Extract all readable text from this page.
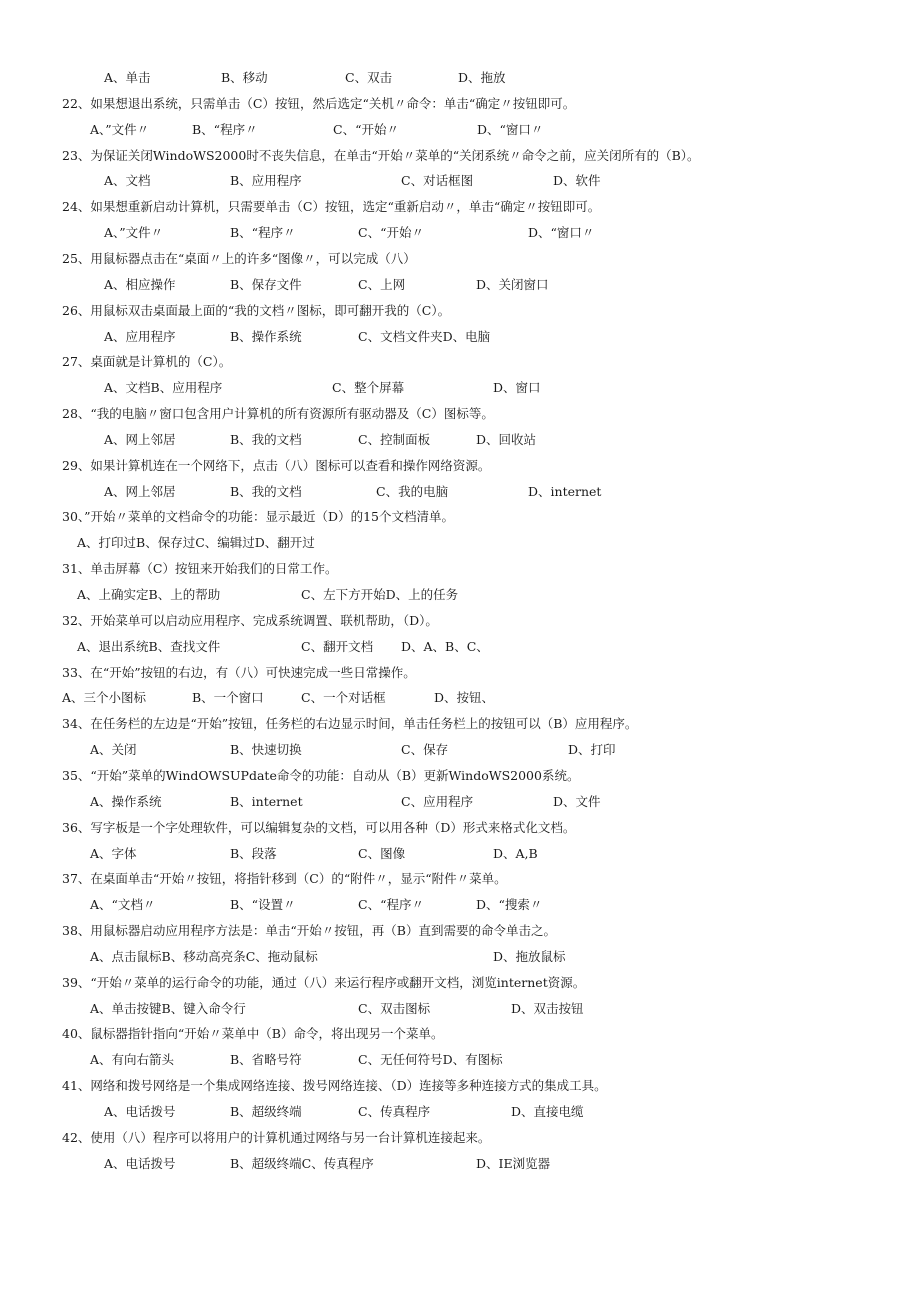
A、单击	B、移动	C、双击	D、拖放
22、如果想退出系统，只需单击（C）按钮，然后选定“关机〃命令：单击“确定〃按钮即可。
A、”文件〃	B、“程序〃	C、“开始〃	D、“窗口〃
23、为保证关闭WindoWS2000时不丧失信息，在单击“开始〃菜单的“关闭系统〃命令之前，应关闭所有的（B）。
A、文档	B、应用程序	C、对话框图	D、软件
24、如果想重新启动计算机，只需要单击（C）按钮，选定“重新启动〃，单击“确定〃按钮即可。
A、”文件〃	B、“程序〃	C、“开始〃	D、“窗口〃
25、用鼠标器点击在“桌面〃上的许多“图像〃，可以完成（八）
A、相应操作	B、保存文件	C、上网	D、关闭窗口
26、用鼠标双击桌面最上面的“我的文档〃图标，即可翻开我的（C）。
A、应用程序	B、操作系统	C、文档文件夹D、电脑
27、桌面就是计算机的（C）。
A、文档B、应用程序	C、整个屏幕	D、窗口
28、“我的电脑〃窗口包含用户计算机的所有资源所有驱动器及（C）图标等。
A、网上邻居	B、我的文档	C、控制面板	D、回收站
29、如果计算机连在一个网络下，点击（八）图标可以查看和操作网络资源。
A、网上邻居	B、我的文档	C、我的电脑	D、internet
30、”开始〃菜单的文档命令的功能：显示最近（D）的15个文档清单。
A、打印过B、保存过C、编辑过D、翻开过
31、单击屏幕（C）按钮来开始我们的日常工作。
A、上确实定B、上的帮助	C、左下方开始D、上的任务
32、开始菜单可以启动应用程序、完成系统调置、联机帮助，（D）。
A、退出系统B、查找文件	C、翻开文档 D、A、B、C、
33、在“开始”按钮的右边，有（八）可快速完成一些日常操作。
A、三个小图标	B、一个窗口	C、一个对话框	D、按钮、
34、在任务栏的左边是“开始”按钮，任务栏的右边显示时间，单击任务栏上的按钮可以（B）应用程序。
A、关闭	B、快速切换	C、保存	D、打印
35、“开始”菜单的WindOWSUPdate命令的功能：自动从（B）更新WindoWS2000系统。
A、操作系统	B、internet	C、应用程序	D、文件
36、写字板是一个字处理软件，可以编辑复杂的文档，可以用各种（D）形式来格式化文档。
A、字体	B、段落	C、图像	D、A,B
37、在桌面单击“开始〃按钮，将指针移到（C）的“附件〃，显示“附件〃菜单。
A、“文档〃	B、“设置〃	C、“程序〃	D、“搜索〃
38、用鼠标器启动应用程序方法是：单击“开始〃按钮，再（B）直到需要的命令单击之。
A、点击鼠标B、移动高亮条C、拖动鼠标	D、拖放鼠标
39、“开始〃菜单的运行命令的功能，通过（八）来运行程序或翻开文档，浏览internet资源。
A、单击按键B、键入命令行	C、双击图标	D、双击按钮
40、鼠标器指针指向“开始〃菜单中（B）命令，将出现另一个菜单。
A、有向右箭头	B、省略号符	C、无任何符号D、有图标
41、网络和拨号网络是一个集成网络连接、拨号网络连接、（D）连接等多种连接方式的集成工具。
A、电话拨号	B、超级终端	C、传真程序	D、直接电缆
42、使用（八）程序可以将用户的计算机通过网络与另一台计算机连接起来。
A、电话拨号	B、超级终端C、传真程序	D、IE浏览器
